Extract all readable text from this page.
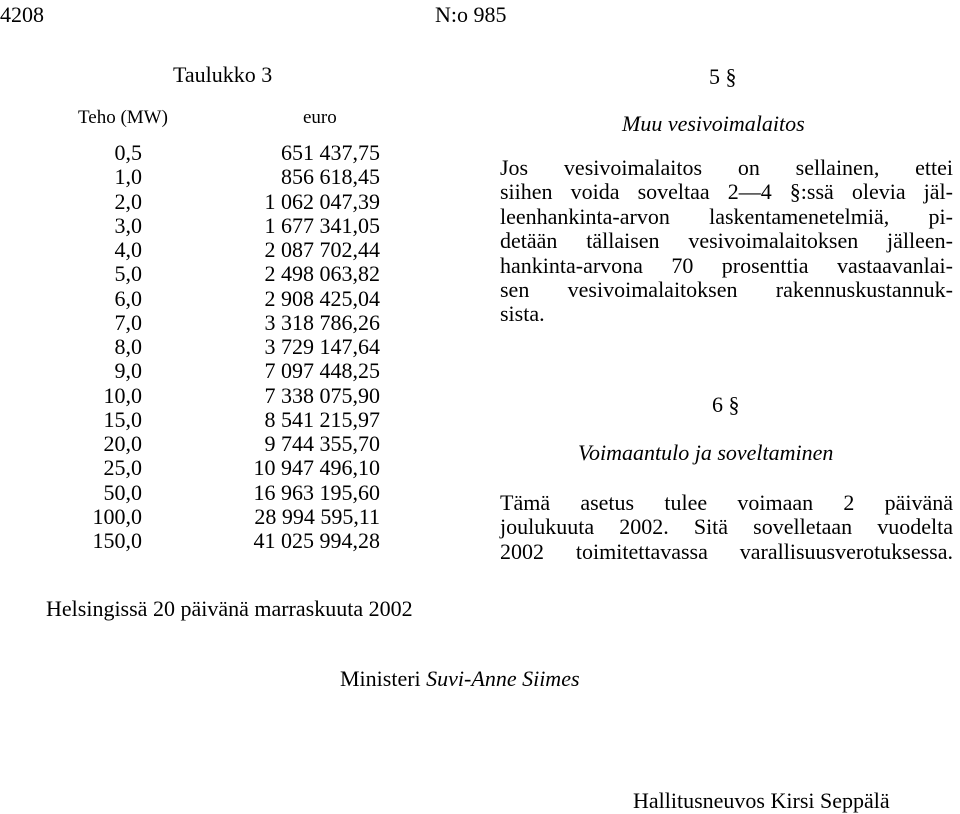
4208	N:o 985
Taulukko 3
Teho (MW)	euro
0,5	651 437,75
1,0	856 618,45
2,0	1 062 047,39
3,0	1 677 341,05
4,0	2 087 702,44
5,0	2 498 063,82
6,0	2 908 425,04
7,0	3 318 786,26
8,0	3 729 147,64
9,0	7 097 448,25
10,0	7 338 075,90
15,0	8 541 215,97
20,0	9 744 355,70
25,0	10 947 496,10
50,0	16 963 195,60
100,0	28 994 595,11
150,0	41 025 994,28
5 §
Muu vesivoimalaitos
Jos vesivoimalaitos on sellainen, ettei
siihen voida soveltaa 2—4 §:ssä olevia jäl-
leenhankinta-arvon laskentamenetelmiä, pi-
detään tällaisen vesivoimalaitoksen jälleen-
hankinta-arvona 70 prosenttia vastaavanlai-
sen vesivoimalaitoksen rakennuskustannuk-
sista.
6 §
Voimaantulo ja soveltaminen
Tämä asetus tulee voimaan 2 päivänä
joulukuuta 2002. Sitä sovelletaan vuodelta
2002 toimitettavassa varallisuusverotuksessa.
Helsingissä 20 päivänä marraskuuta 2002
Ministeri Suvi-Anne Siimes
Hallitusneuvos Kirsi Seppälä
